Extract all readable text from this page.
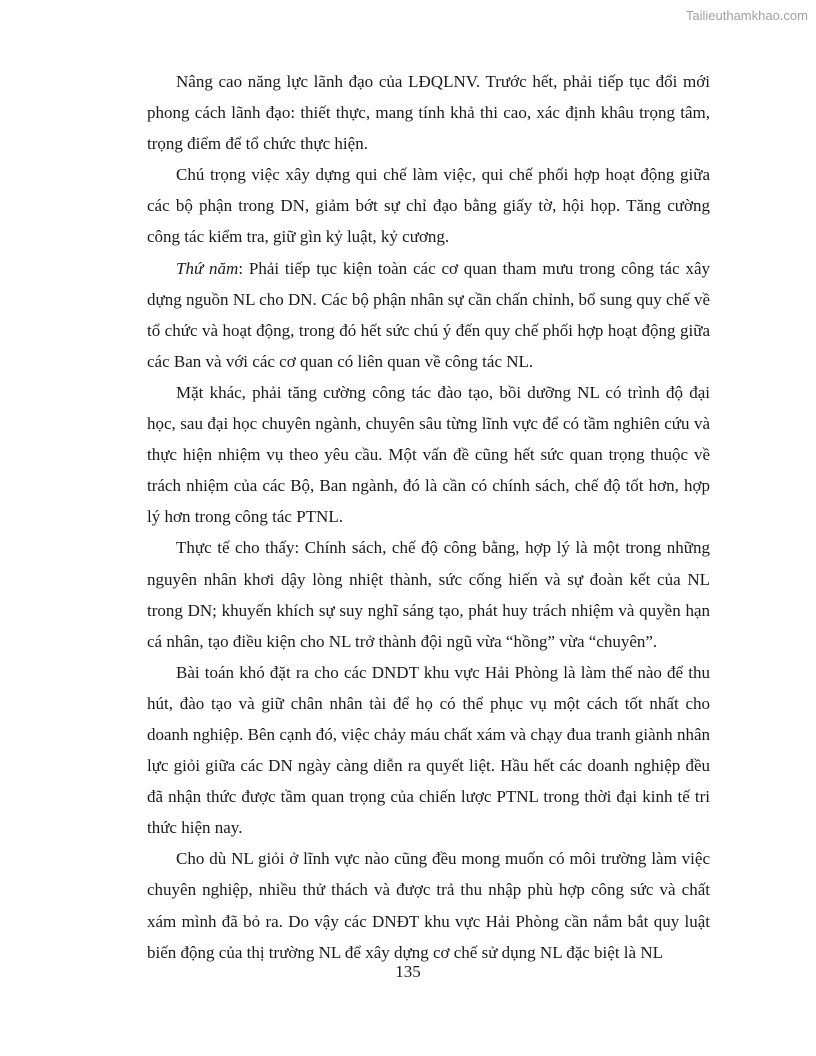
Tailieuthamkhao.com

Nâng cao năng lực lãnh đạo của LĐQLNV. Trước hết, phải tiếp tục đổi mới phong cách lãnh đạo: thiết thực, mang tính khả thi cao, xác định khâu trọng tâm, trọng điểm để tổ chức thực hiện.

Chú trọng việc xây dựng qui chế làm việc, qui chế phối hợp hoạt động giữa các bộ phận trong DN, giảm bớt sự chỉ đạo bằng giấy tờ, hội họp. Tăng cường công tác kiểm tra, giữ gìn kỷ luật, kỷ cương.

Thứ năm: Phải tiếp tục kiện toàn các cơ quan tham mưu trong công tác xây dựng nguồn NL cho DN. Các bộ phận nhân sự cần chấn chỉnh, bổ sung quy chế về tổ chức và hoạt động, trong đó hết sức chú ý đến quy chế phối hợp hoạt động giữa các Ban và với các cơ quan có liên quan về công tác NL.

Mặt khác, phải tăng cường công tác đào tạo, bồi dưỡng NL có trình độ đại học, sau đại học chuyên ngành, chuyên sâu từng lĩnh vực để có tầm nghiên cứu và thực hiện nhiệm vụ theo yêu cầu. Một vấn đề cũng hết sức quan trọng thuộc về trách nhiệm của các Bộ, Ban ngành, đó là cần có chính sách, chế độ tốt hơn, hợp lý hơn trong công tác PTNL.

Thực tế cho thấy: Chính sách, chế độ công bằng, hợp lý là một trong những nguyên nhân khơi dậy lòng nhiệt thành, sức cống hiến và sự đoàn kết của NL trong DN; khuyến khích sự suy nghĩ sáng tạo, phát huy trách nhiệm và quyền hạn cá nhân, tạo điều kiện cho NL trở thành đội ngũ vừa “hồng” vừa “chuyên”.

Bài toán khó đặt ra cho các DNDT khu vực Hải Phòng là làm thế nào để thu hút, đào tạo và giữ chân nhân tài để họ có thể phục vụ một cách tốt nhất cho doanh nghiệp. Bên cạnh đó, việc chảy máu chất xám và chạy đua tranh giành nhân lực giỏi giữa các DN ngày càng diễn ra quyết liệt. Hầu hết các doanh nghiệp đều đã nhận thức được tầm quan trọng của chiến lược PTNL trong thời đại kinh tế tri thức hiện nay.

Cho dù NL giỏi ở lĩnh vực nào cũng đều mong muốn có môi trường làm việc chuyên nghiệp, nhiều thử thách và được trả thu nhập phù hợp công sức và chất xám mình đã bỏ ra. Do vậy các DNĐT khu vực Hải Phòng cần nắm bắt quy luật biến động của thị trường NL để xây dựng cơ chế sử dụng NL đặc biệt là NL

135
